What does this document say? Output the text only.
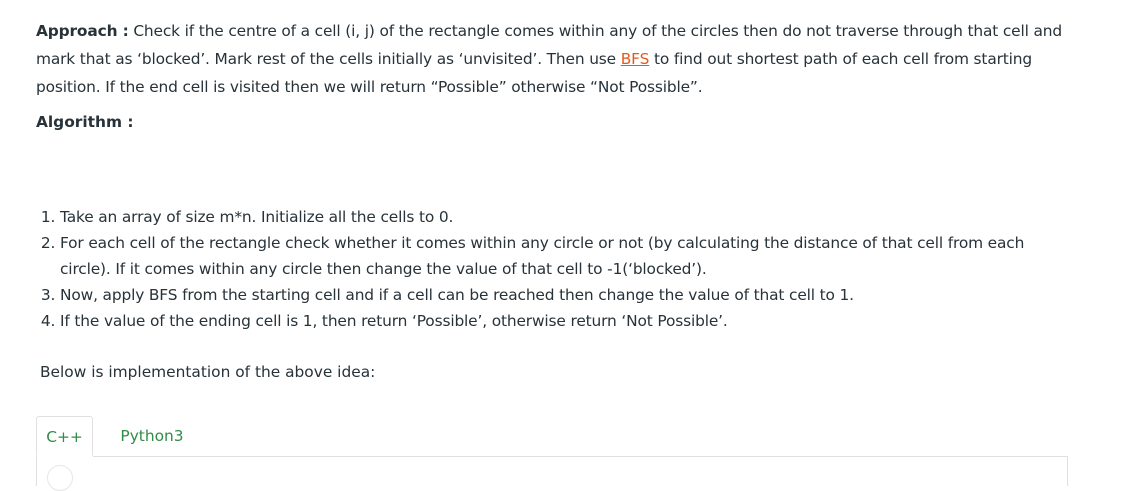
Approach : Check if the centre of a cell (i, j) of the rectangle comes within any of the circles then do not traverse through that cell and mark that as ‘blocked’. Mark rest of the cells initially as ‘unvisited’. Then use BFS to find out shortest path of each cell from starting position. If the end cell is visited then we will return “Possible” otherwise “Not Possible”.

Algorithm :

1. Take an array of size m*n. Initialize all the cells to 0.
2. For each cell of the rectangle check whether it comes within any circle or not (by calculating the distance of that cell from each circle). If it comes within any circle then change the value of that cell to -1(‘blocked’).
3. Now, apply BFS from the starting cell and if a cell can be reached then change the value of that cell to 1.
4. If the value of the ending cell is 1, then return ‘Possible’, otherwise return ‘Not Possible’.

Below is implementation of the above idea:

C++	Python3
